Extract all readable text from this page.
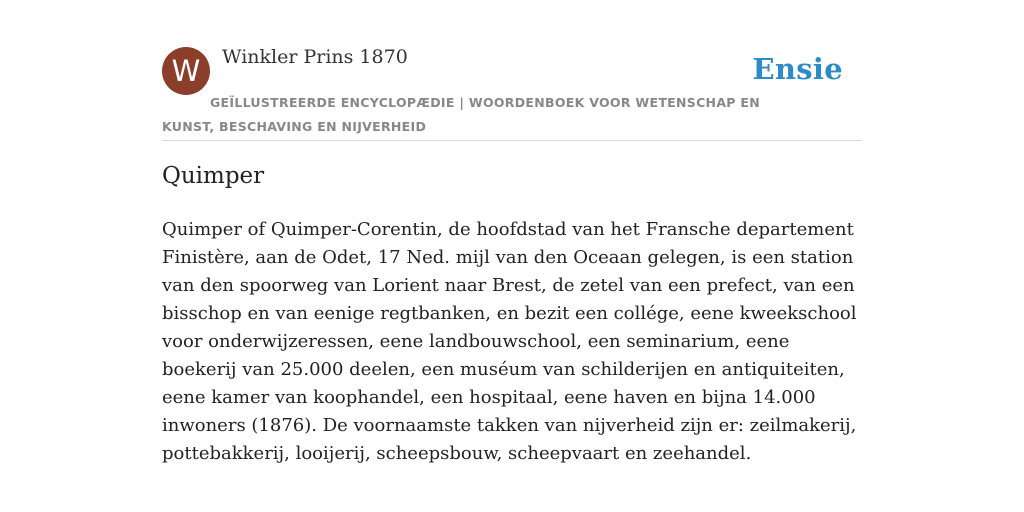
W	Winkler Prins 1870	Ensie
GEÏLLUSTREERDE ENCYCLOPÆDIE | WOORDENBOEK VOOR WETENSCHAP EN KUNST, BESCHAVING EN NIJVERHEID
Quimper

Quimper of Quimper-Corentin, de hoofdstad van het Fransche departement Finistère, aan de Odet, 17 Ned. mijl van den Oceaan gelegen, is een station van den spoorweg van Lorient naar Brest, de zetel van een prefect, van een bisschop en van eenige regtbanken, en bezit een collége, eene kweekschool voor onderwijzeressen, eene landbouwschool, een seminarium, eene boekerij van 25.000 deelen, een muséum van schilderijen en antiquiteiten, eene kamer van koophandel, een hospitaal, eene haven en bijna 14.000 inwoners (1876). De voornaamste takken van nijverheid zijn er: zeilmakerij, pottebakkerij, looijerij, scheepsbouw, scheepvaart en zeehandel.
